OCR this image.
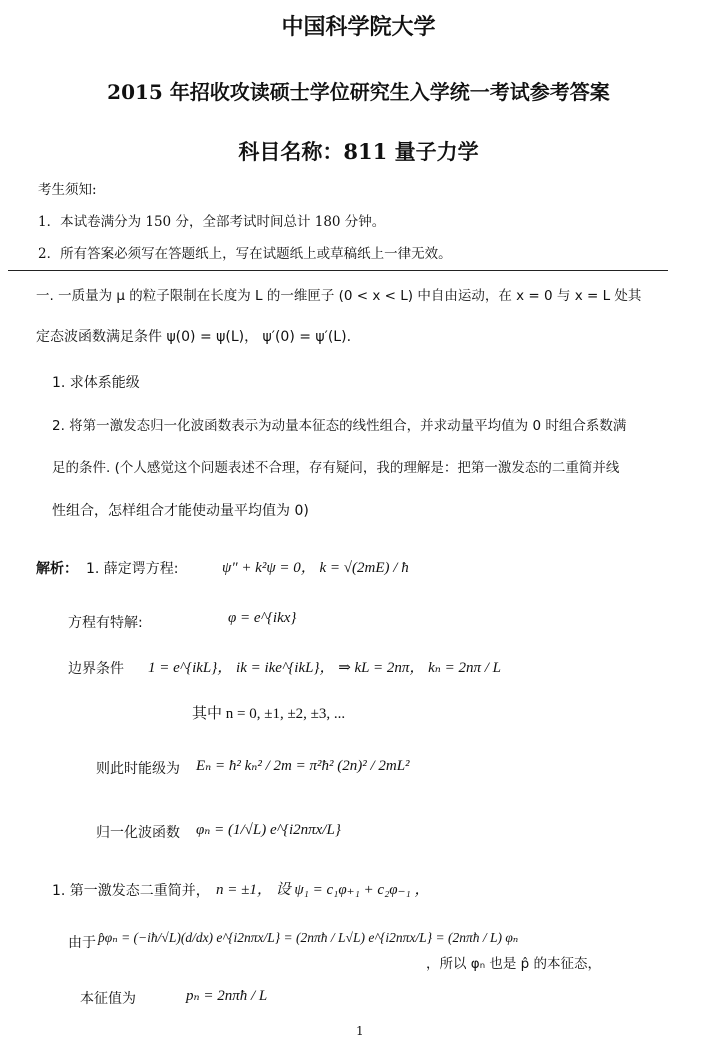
中国科学院大学
2015 年招收攻读硕士学位研究生入学统一考试参考答案
科目名称：811 量子力学
考生须知:
1．本试卷满分为 150 分，全部考试时间总计 180 分钟。
2．所有答案必须写在答题纸上，写在试题纸上或草稿纸上一律无效。
一. 一质量为 μ 的粒子限制在长度为 L 的一维匣子 (0 < x < L) 中自由运动，在 x = 0 与 x = L 处其
定态波函数满足条件 ψ(0) = ψ(L)， ψ′(0) = ψ′(L).
1. 求体系能级
2. 将第一激发态归一化波函数表示为动量本征态的线性组合，并求动量平均值为 0 时组合系数满
足的条件. (个人感觉这个问题表述不合理，存有疑问，我的理解是：把第一激发态的二重简并线
性组合，怎样组合才能使动量平均值为 0)
解析： 1. 薛定谔方程:	ψ″ + k²ψ = 0， k = √(2mE) / ħ
方程有特解:	φ = e^{ikx}
边界条件 1 = e^{ikL}， ik = ike^{ikL}， ⇒ kL = 2nπ， kₙ = 2nπ / L
其中 n = 0, ±1, ±2, ±3, ...
则此时能级为 Eₙ = ħ² kₙ² / 2m = π²ħ² (2n)² / 2mL²
归一化波函数 φₙ = (1/√L) e^{i2nπx/L}
1. 第一激发态二重简并， n = ±1， 设 ψ₁ = c₁φ₊₁ + c₂φ₋₁ ，
由于 p̂φₙ = (−iħ/√L)(d/dx) e^{i2nπx/L} = (2nπħ / L√L) e^{i2nπx/L} = (2nπħ / L) φₙ
，所以 φₙ 也是 p̂ 的本征态，
本征值为	pₙ = 2nπħ / L
1
